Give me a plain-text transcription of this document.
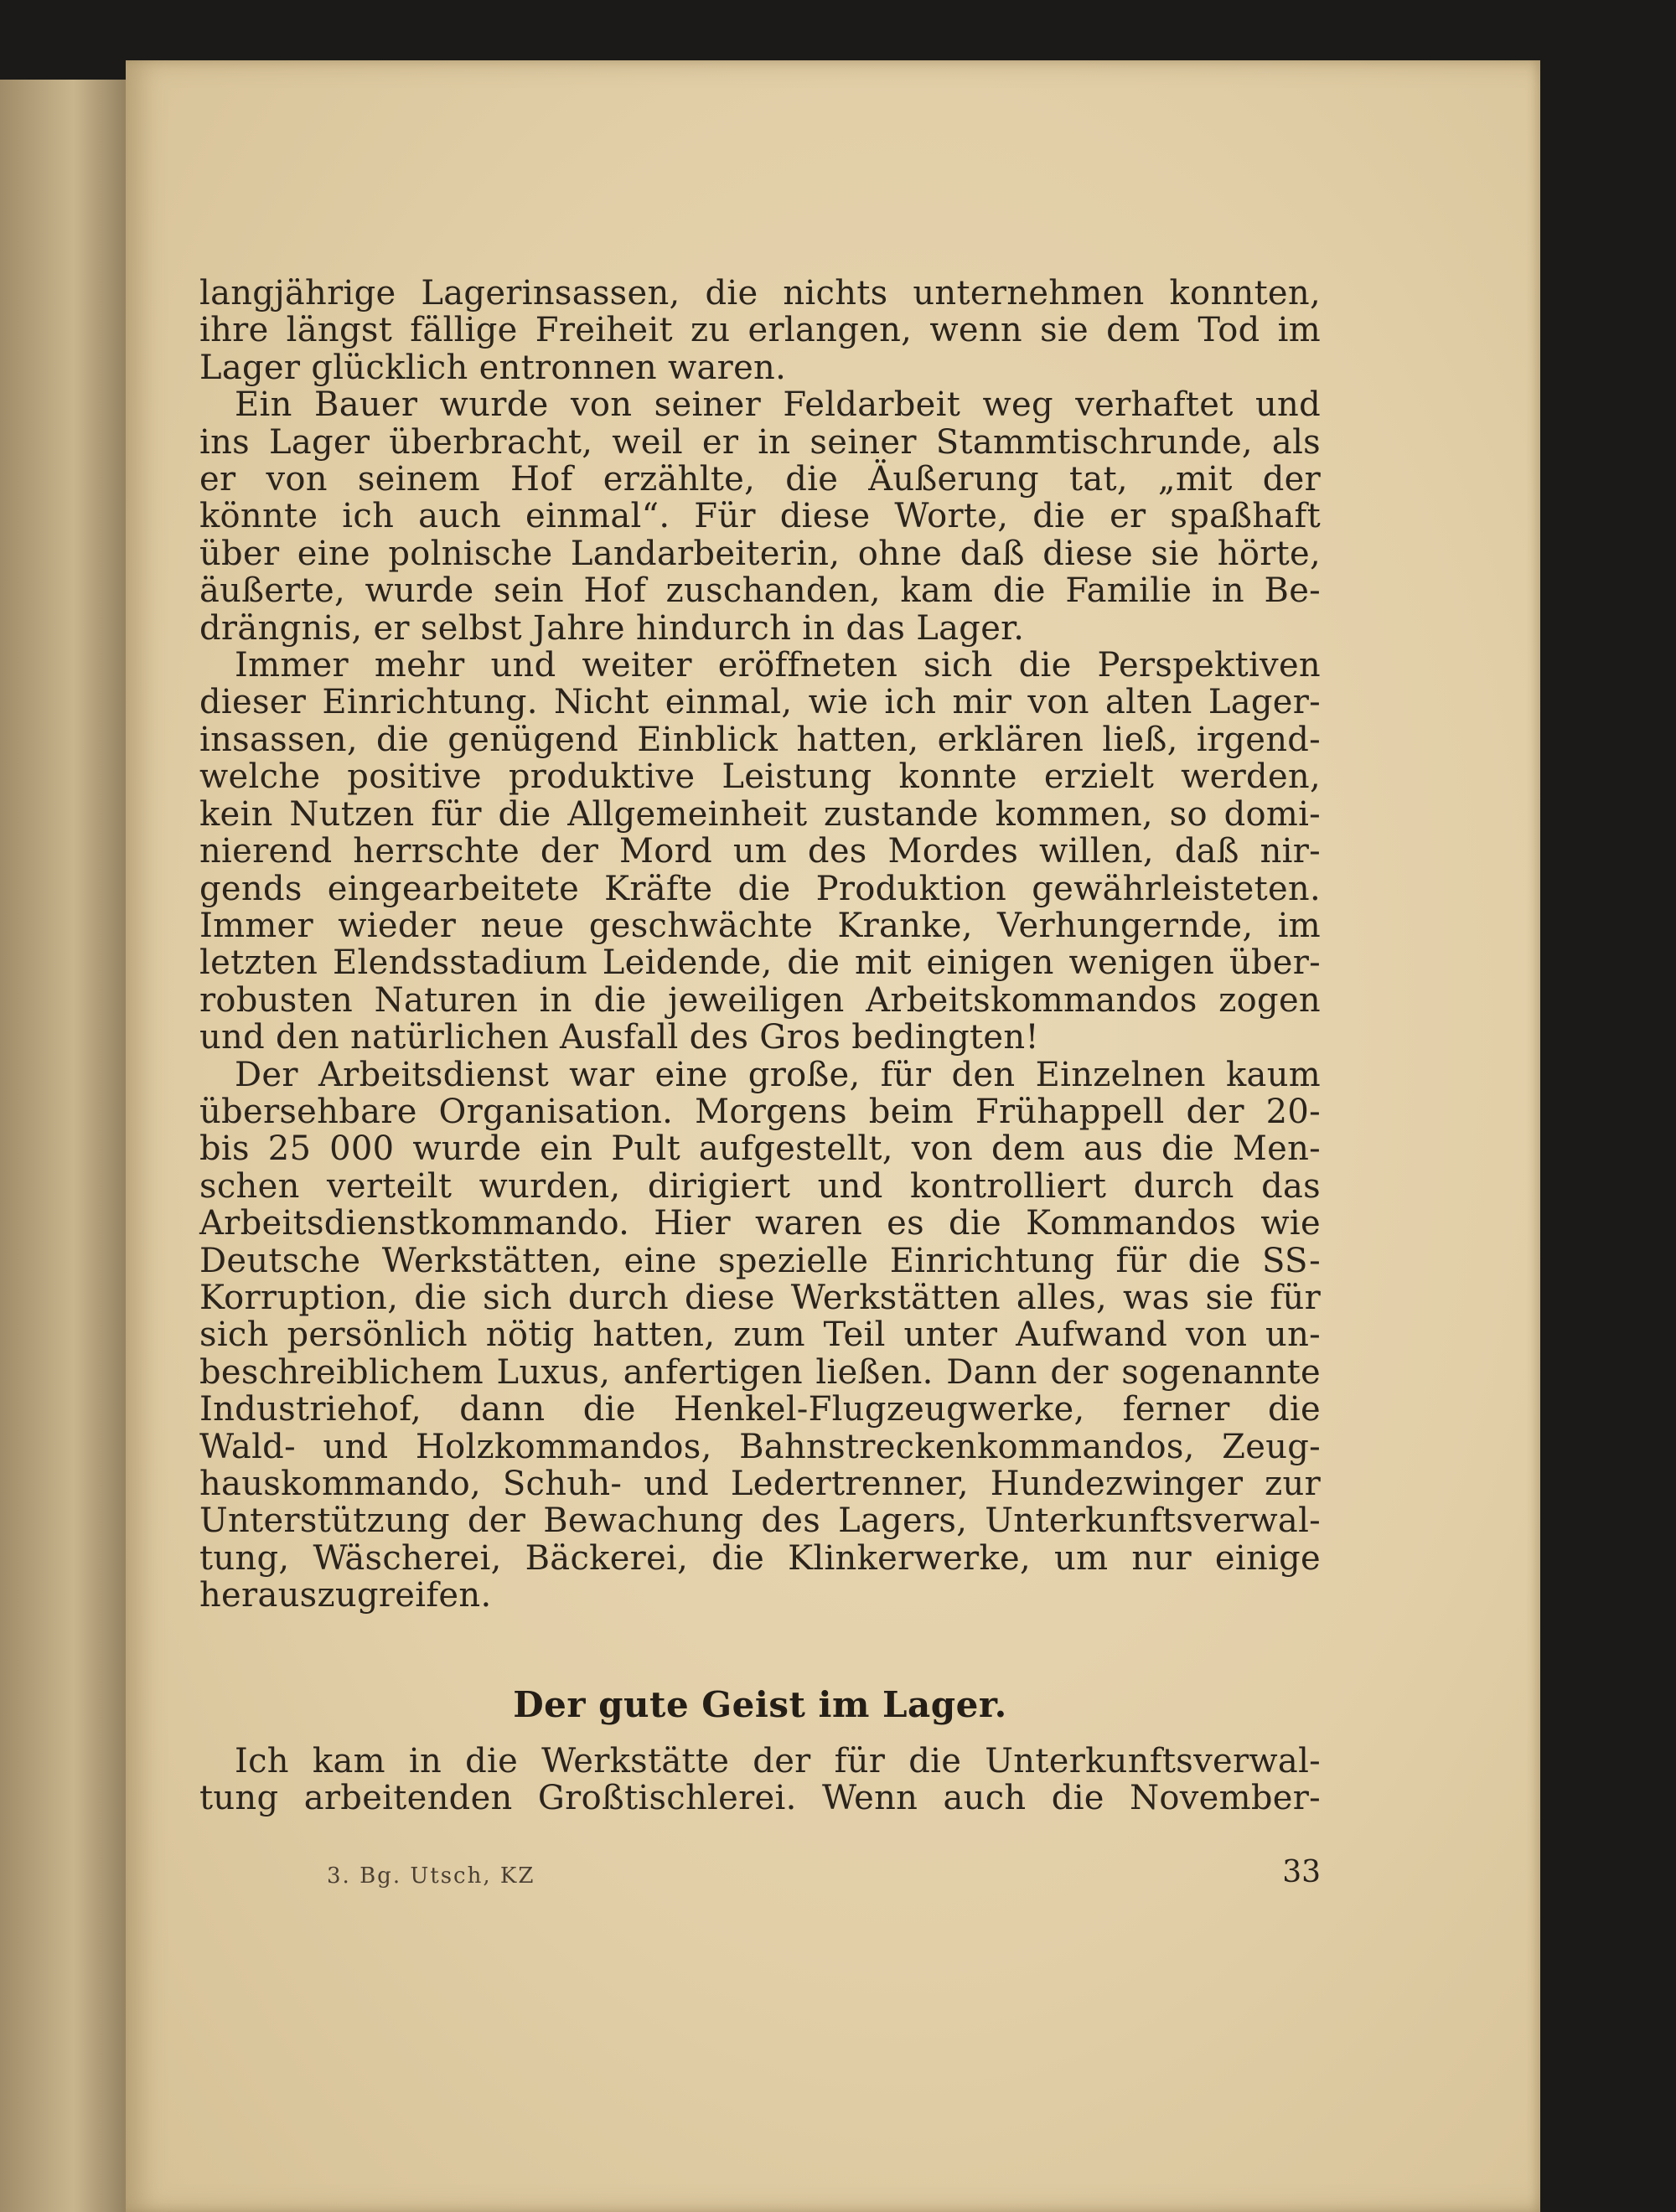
langjährige Lagerinsassen, die nichts unternehmen konnten,
ihre längst fällige Freiheit zu erlangen, wenn sie dem Tod im
Lager glücklich entronnen waren.
Ein Bauer wurde von seiner Feldarbeit weg verhaftet und
ins Lager überbracht, weil er in seiner Stammtischrunde, als
er von seinem Hof erzählte, die Äußerung tat, „mit der
könnte ich auch einmal“. Für diese Worte, die er spaßhaft
über eine polnische Landarbeiterin, ohne daß diese sie hörte,
äußerte, wurde sein Hof zuschanden, kam die Familie in Be-
drängnis, er selbst Jahre hindurch in das Lager.
Immer mehr und weiter eröffneten sich die Perspektiven
dieser Einrichtung. Nicht einmal, wie ich mir von alten Lager-
insassen, die genügend Einblick hatten, erklären ließ, irgend-
welche positive produktive Leistung konnte erzielt werden,
kein Nutzen für die Allgemeinheit zustande kommen, so domi-
nierend herrschte der Mord um des Mordes willen, daß nir-
gends eingearbeitete Kräfte die Produktion gewährleisteten.
Immer wieder neue geschwächte Kranke, Verhungernde, im
letzten Elendsstadium Leidende, die mit einigen wenigen über-
robusten Naturen in die jeweiligen Arbeitskommandos zogen
und den natürlichen Ausfall des Gros bedingten!
Der Arbeitsdienst war eine große, für den Einzelnen kaum
übersehbare Organisation. Morgens beim Frühappell der 20-
bis 25 000 wurde ein Pult aufgestellt, von dem aus die Men-
schen verteilt wurden, dirigiert und kontrolliert durch das
Arbeitsdienstkommando. Hier waren es die Kommandos wie
Deutsche Werkstätten, eine spezielle Einrichtung für die SS-
Korruption, die sich durch diese Werkstätten alles, was sie für
sich persönlich nötig hatten, zum Teil unter Aufwand von un-
beschreiblichem Luxus, anfertigen ließen. Dann der sogenannte
Industriehof, dann die Henkel-Flugzeugwerke, ferner die
Wald- und Holzkommandos, Bahnstreckenkommandos, Zeug-
hauskommando, Schuh- und Ledertrenner, Hundezwinger zur
Unterstützung der Bewachung des Lagers, Unterkunftsverwal-
tung, Wäscherei, Bäckerei, die Klinkerwerke, um nur einige
herauszugreifen.
Der gute Geist im Lager.
Ich kam in die Werkstätte der für die Unterkunftsverwal-
tung arbeitenden Großtischlerei. Wenn auch die November-
3. Bg. Utsch, KZ	33
